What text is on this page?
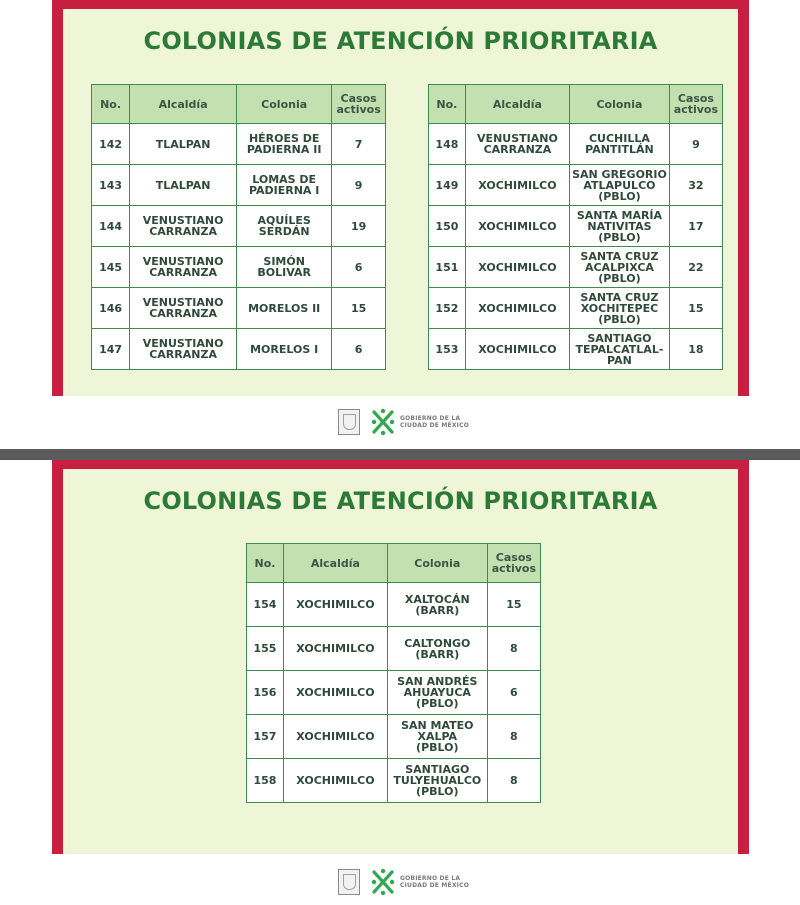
COLONIAS DE ATENCIÓN PRIORITARIA
No.	Alcaldía	Colonia	Casos
activos
142	TLALPAN	HÉROES DE
PADIERNA II	7
143	TLALPAN	LOMAS DE
PADIERNA I	9
144	VENUSTIANO
CARRANZA	AQUÍLES
SERDÁN	19
145	VENUSTIANO
CARRANZA	SIMÓN
BOLIVAR	6
146	VENUSTIANO
CARRANZA	MORELOS II	15
147	VENUSTIANO
CARRANZA	MORELOS I	6
No.	Alcaldía	Colonia	Casos
activos
148	VENUSTIANO
CARRANZA	CUCHILLA
PANTITLÁN	9
149	XOCHIMILCO	SAN GREGORIO
ATLAPULCO
(PBLO)	32
150	XOCHIMILCO	SANTA MARÍA
NATIVITAS
(PBLO)	17
151	XOCHIMILCO	SANTA CRUZ
ACALPIXCA
(PBLO)	22
152	XOCHIMILCO	SANTA CRUZ
XOCHITEPEC
(PBLO)	15
153	XOCHIMILCO	SANTIAGO
TEPALCATLAL-
PAN	18
GOBIERNO DE LA
CIUDAD DE MÉXICO
COLONIAS DE ATENCIÓN PRIORITARIA
No.	Alcaldía	Colonia	Casos
activos
154	XOCHIMILCO	XALTOCÁN
(BARR)	15
155	XOCHIMILCO	CALTONGO
(BARR)	8
156	XOCHIMILCO	SAN ANDRÉS
AHUAYUCA
(PBLO)	6
157	XOCHIMILCO	SAN MATEO
XALPA
(PBLO)	8
158	XOCHIMILCO	SANTIAGO
TULYEHUALCO
(PBLO)	8
GOBIERNO DE LA
CIUDAD DE MÉXICO
